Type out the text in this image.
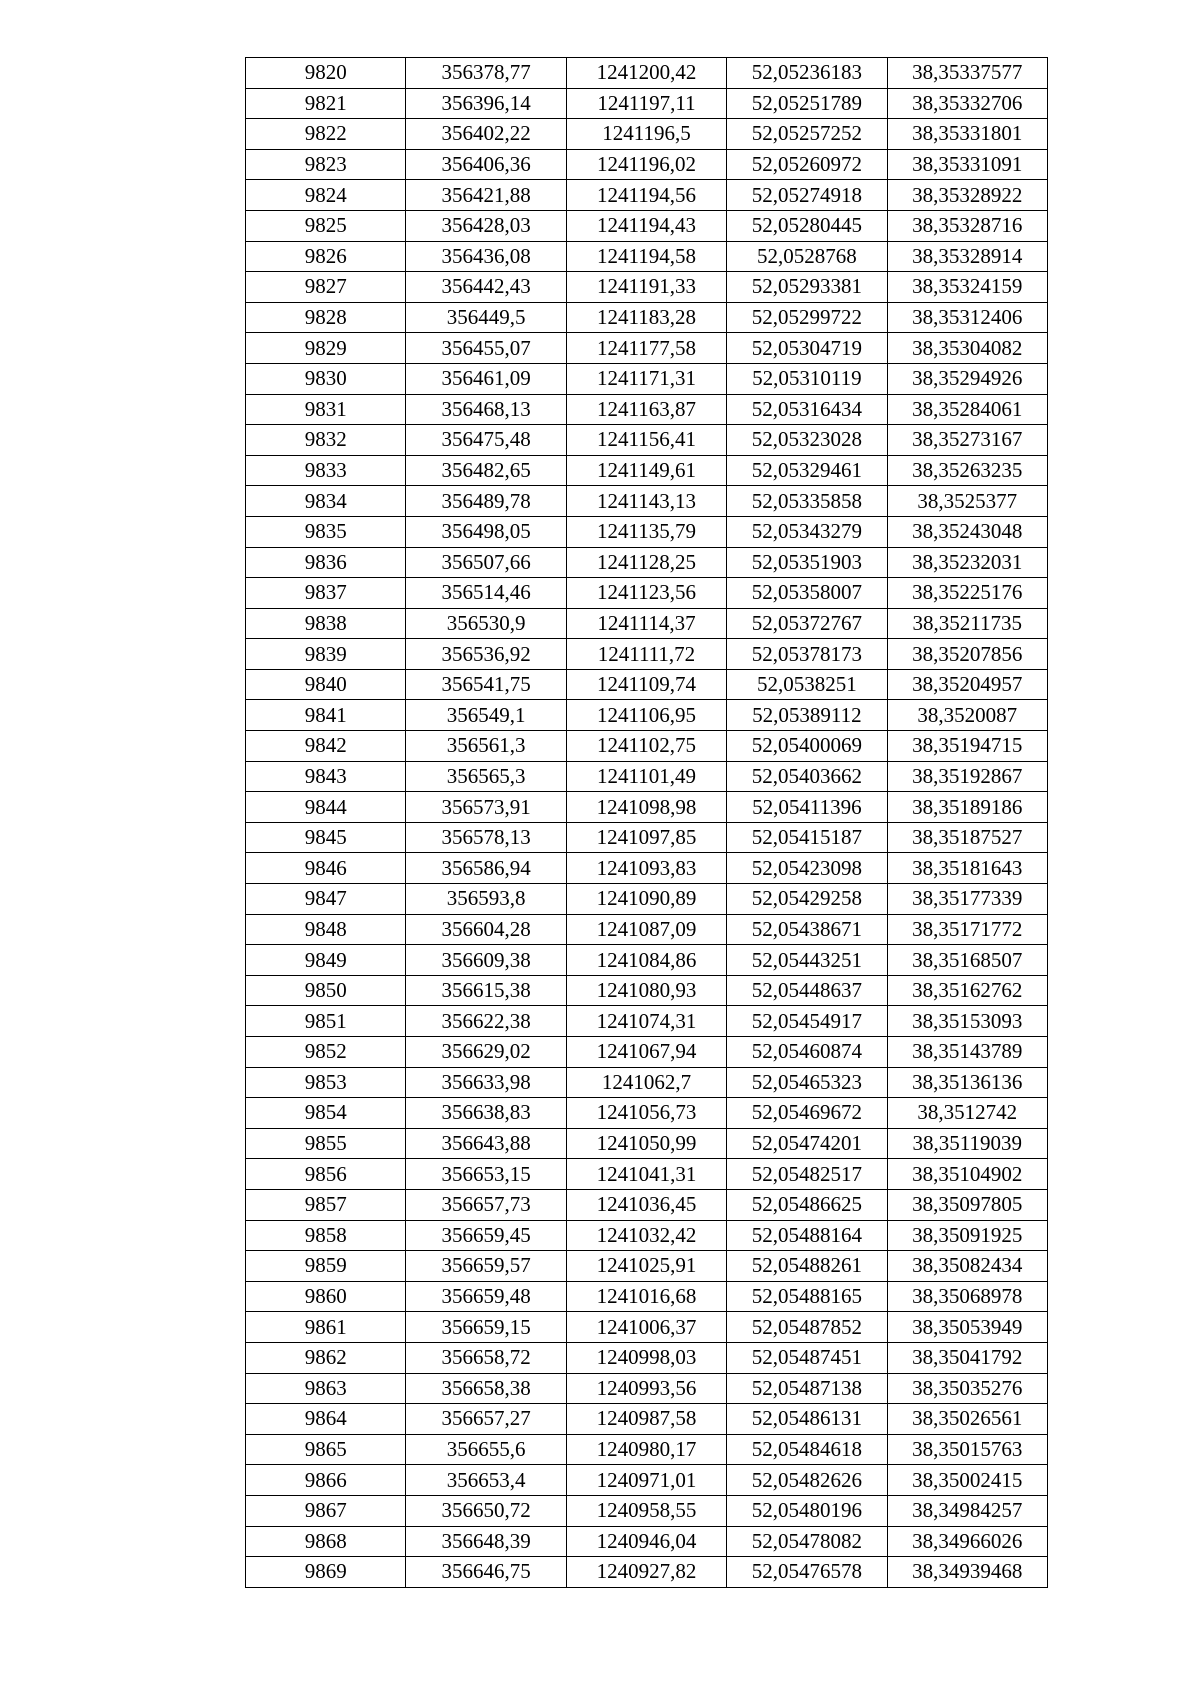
9820	356378,77	1241200,42	52,05236183	38,35337577
9821	356396,14	1241197,11	52,05251789	38,35332706
9822	356402,22	1241196,5	52,05257252	38,35331801
9823	356406,36	1241196,02	52,05260972	38,35331091
9824	356421,88	1241194,56	52,05274918	38,35328922
9825	356428,03	1241194,43	52,05280445	38,35328716
9826	356436,08	1241194,58	52,0528768	38,35328914
9827	356442,43	1241191,33	52,05293381	38,35324159
9828	356449,5	1241183,28	52,05299722	38,35312406
9829	356455,07	1241177,58	52,05304719	38,35304082
9830	356461,09	1241171,31	52,05310119	38,35294926
9831	356468,13	1241163,87	52,05316434	38,35284061
9832	356475,48	1241156,41	52,05323028	38,35273167
9833	356482,65	1241149,61	52,05329461	38,35263235
9834	356489,78	1241143,13	52,05335858	38,3525377
9835	356498,05	1241135,79	52,05343279	38,35243048
9836	356507,66	1241128,25	52,05351903	38,35232031
9837	356514,46	1241123,56	52,05358007	38,35225176
9838	356530,9	1241114,37	52,05372767	38,35211735
9839	356536,92	1241111,72	52,05378173	38,35207856
9840	356541,75	1241109,74	52,0538251	38,35204957
9841	356549,1	1241106,95	52,05389112	38,3520087
9842	356561,3	1241102,75	52,05400069	38,35194715
9843	356565,3	1241101,49	52,05403662	38,35192867
9844	356573,91	1241098,98	52,05411396	38,35189186
9845	356578,13	1241097,85	52,05415187	38,35187527
9846	356586,94	1241093,83	52,05423098	38,35181643
9847	356593,8	1241090,89	52,05429258	38,35177339
9848	356604,28	1241087,09	52,05438671	38,35171772
9849	356609,38	1241084,86	52,05443251	38,35168507
9850	356615,38	1241080,93	52,05448637	38,35162762
9851	356622,38	1241074,31	52,05454917	38,35153093
9852	356629,02	1241067,94	52,05460874	38,35143789
9853	356633,98	1241062,7	52,05465323	38,35136136
9854	356638,83	1241056,73	52,05469672	38,3512742
9855	356643,88	1241050,99	52,05474201	38,35119039
9856	356653,15	1241041,31	52,05482517	38,35104902
9857	356657,73	1241036,45	52,05486625	38,35097805
9858	356659,45	1241032,42	52,05488164	38,35091925
9859	356659,57	1241025,91	52,05488261	38,35082434
9860	356659,48	1241016,68	52,05488165	38,35068978
9861	356659,15	1241006,37	52,05487852	38,35053949
9862	356658,72	1240998,03	52,05487451	38,35041792
9863	356658,38	1240993,56	52,05487138	38,35035276
9864	356657,27	1240987,58	52,05486131	38,35026561
9865	356655,6	1240980,17	52,05484618	38,35015763
9866	356653,4	1240971,01	52,05482626	38,35002415
9867	356650,72	1240958,55	52,05480196	38,34984257
9868	356648,39	1240946,04	52,05478082	38,34966026
9869	356646,75	1240927,82	52,05476578	38,34939468
